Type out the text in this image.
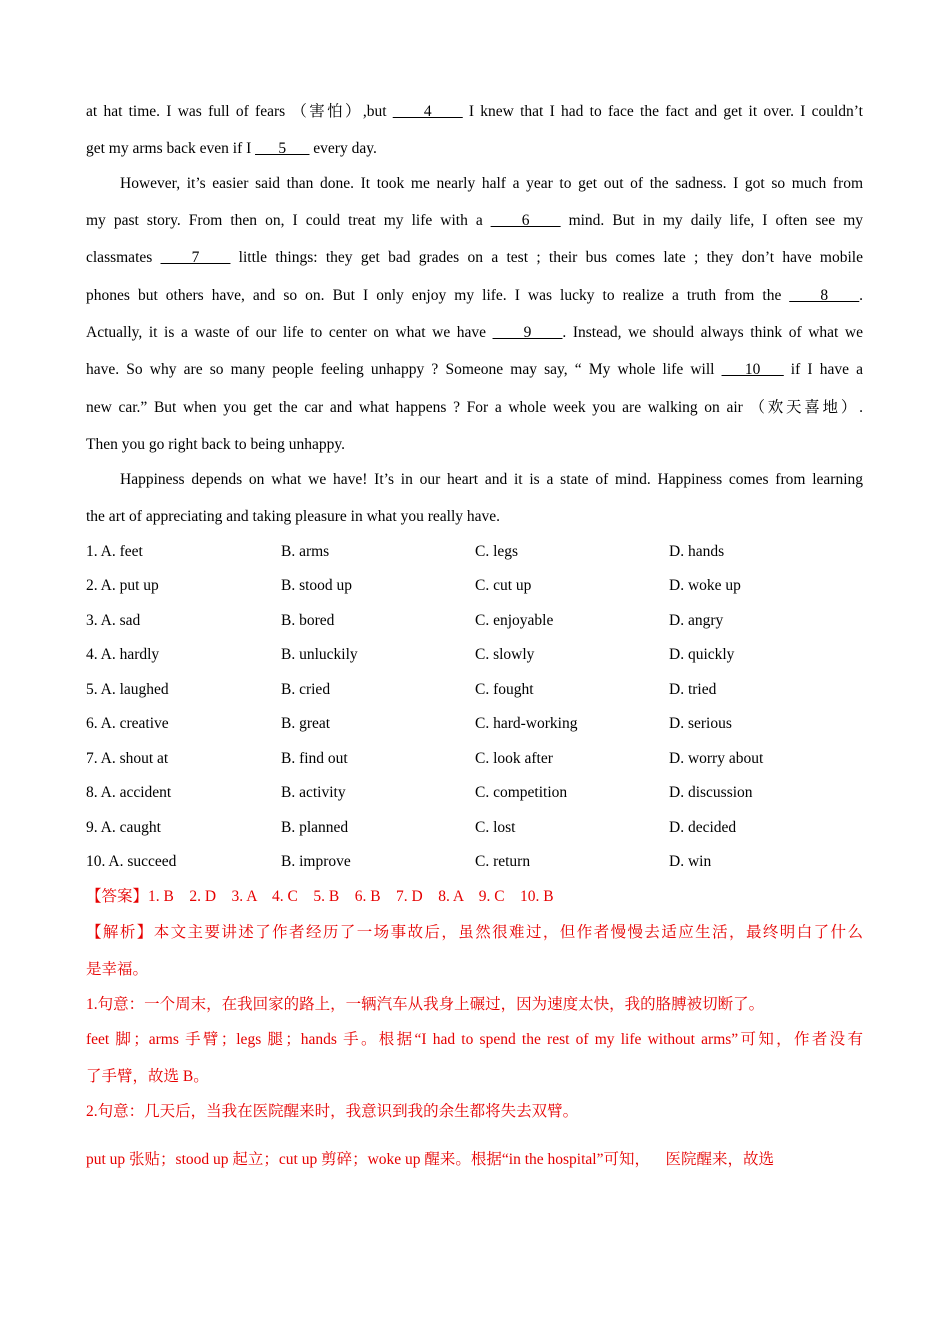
at hat time. I was full of fears （害怕）,but ____4____ I knew that I had to face the fact and get it over. I couldn’t
get my arms back even if I ___5___ every day.
However, it’s easier said than done. It took me nearly half a year to get out of the sadness. I got so much from
my past story. From then on, I could treat my life with a ____6____ mind. But in my daily life, I often see my
classmates ____7____ little things: they get bad grades on a test ; their bus comes late ; they don’t have mobile
phones but others have, and so on. But I only enjoy my life. I was lucky to realize a truth from the ____8____.
Actually, it is a waste of our life to center on what we have ____9____. Instead, we should always think of what we
have. So why are so many people feeling unhappy ? Someone may say, “ My whole life will ___10___ if I have a
new car.” But when you get the car and what happens ? For a whole week you are walking on air （欢天喜地）.
Then you go right back to being unhappy.
Happiness depends on what we have! It’s in our heart and it is a state of mind. Happiness comes from learning
the art of appreciating and taking pleasure in what you really have.
1. A. feet	B. arms	C. legs	D. hands
2. A. put up	B. stood up	C. cut up	D. woke up
3. A. sad	B. bored	C. enjoyable	D. angry
4. A. hardly	B. unluckily	C. slowly	D. quickly
5. A. laughed	B. cried	C. fought	D. tried
6. A. creative	B. great	C. hard-working	D. serious
7. A. shout at	B. find out	C. look after	D. worry about
8. A. accident	B. activity	C. competition	D. discussion
9. A. caught	B. planned	C. lost	D. decided
10. A. succeed	B. improve	C. return	D. win
【答案】1. B    2. D    3. A    4. C    5. B    6. B    7. D    8. A    9. C    10. B
【解析】本文主要讲述了作者经历了一场事故后，虽然很难过，但作者慢慢去适应生活，最终明白了什么
是幸福。
1.句意：一个周末，在我回家的路上，一辆汽车从我身上碾过，因为速度太快，我的胳膊被切断了。
feet 脚；arms 手臂；legs 腿；hands 手。根据“I had to spend the rest of my life without arms”可知，作者没有
了手臂，故选 B。
2.句意：几天后，当我在医院醒来时，我意识到我的余生都将失去双臂。
put up 张贴；stood up 起立；cut up 剪碎；woke up 醒来。根据“in the hospital”可知，    医院醒来，故选
